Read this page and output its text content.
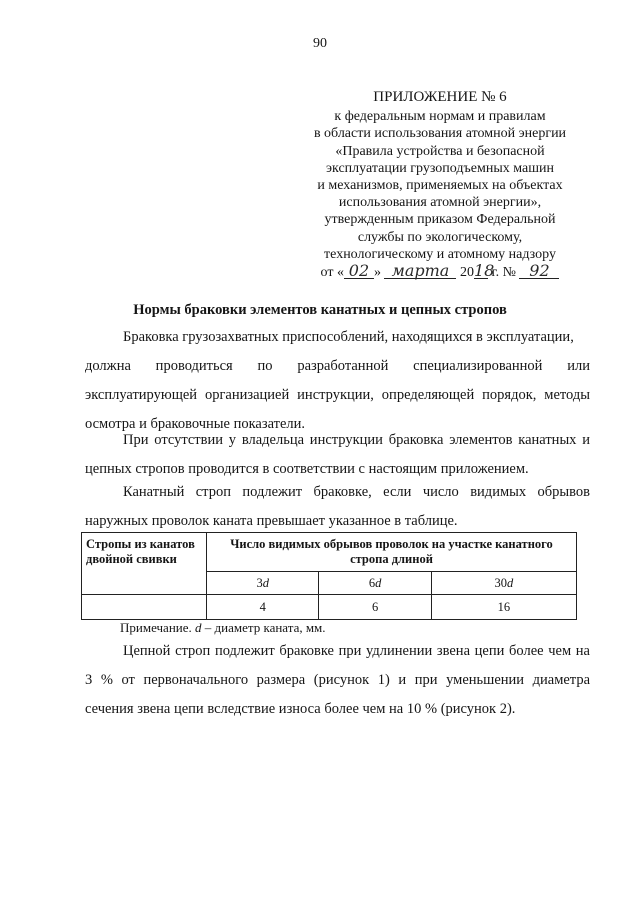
90
ПРИЛОЖЕНИЕ № 6
к федеральным нормам и правилам
в области использования атомной энергии
«Правила устройства и безопасной
эксплуатации грузоподъемных машин
и механизмов, применяемых на объектах
использования атомной энергии»,
утвержденным приказом Федеральной
службы по экологическому,
технологическому и атомному надзору
от « 02 » марта 2018 г. № 92
Нормы браковки элементов канатных и цепных стропов

Браковка грузозахватных приспособлений, находящихся в эксплуатации,

должна проводиться по разработанной специализированной или

эксплуатирующей организацией инструкции, определяющей порядок, методы осмотра и браковочные показатели.

При отсутствии у владельца инструкции браковка элементов канатных и цепных стропов проводится в соответствии с настоящим приложением.

Канатный строп подлежит браковке, если число видимых обрывов наружных проволок каната превышает указанное в таблице.

Стропы из канатов двойной свивки	Число видимых обрывов проволок на участке канатного стропа длиной		
	3d	6d	30d
	4	6	16
Примечание. d – диаметр каната, мм.

Цепной строп подлежит браковке при удлинении звена цепи более чем на 3 % от первоначального размера (рисунок 1) и при уменьшении диаметра сечения звена цепи вследствие износа более чем на 10 % (рисунок 2).
